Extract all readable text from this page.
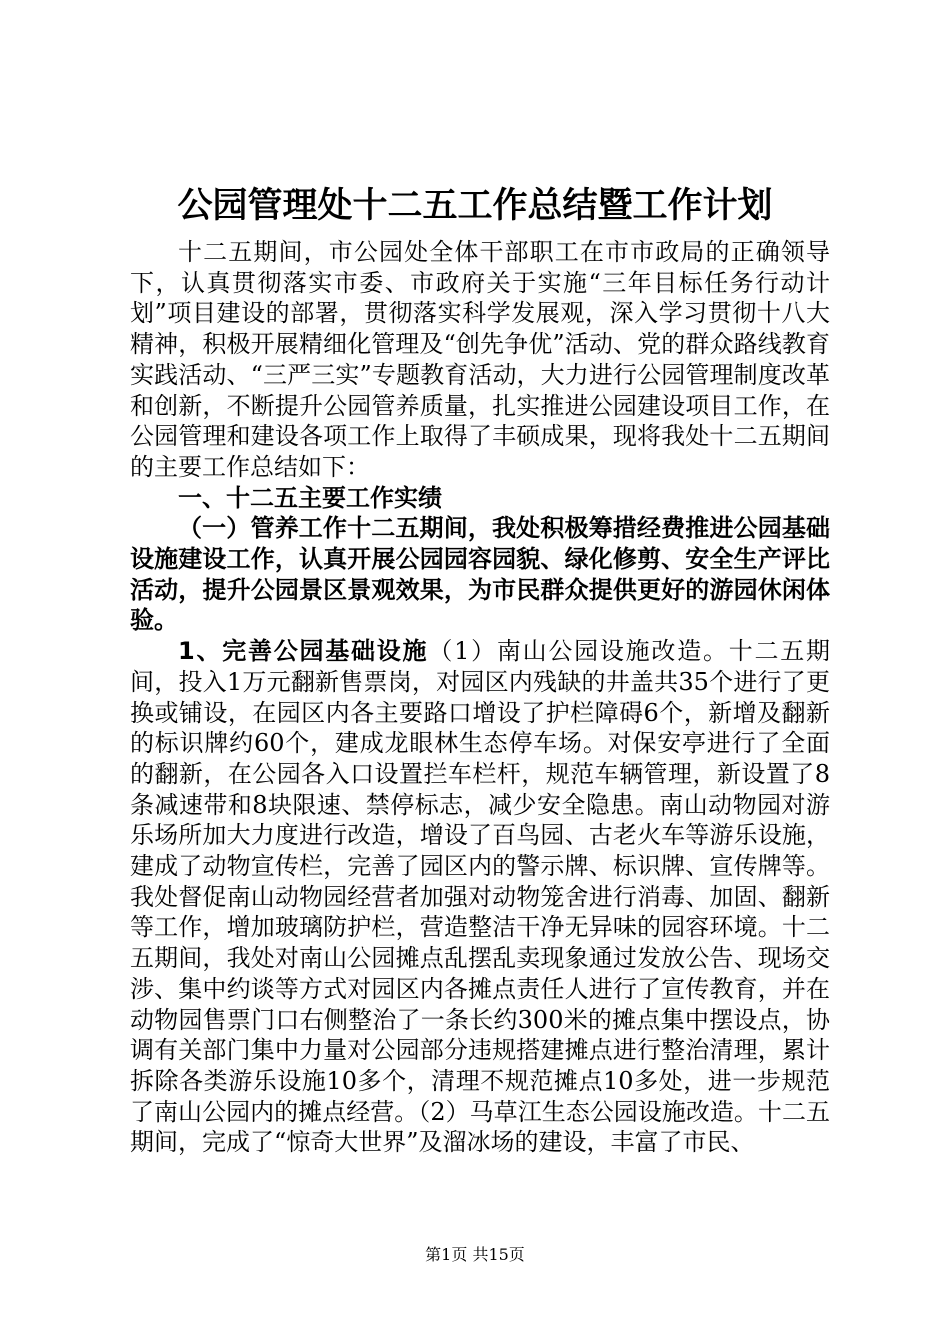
公园管理处十二五工作总结暨工作计划

十二五期间，市公园处全体干部职工在市市政局的正确领导下，认真贯彻落实市委、市政府关于实施“三年目标任务行动计划”项目建设的部署，贯彻落实科学发展观，深入学习贯彻十八大精神，积极开展精细化管理及“创先争优”活动、党的群众路线教育实践活动、“三严三实”专题教育活动，大力进行公园管理制度改革和创新，不断提升公园管养质量，扎实推进公园建设项目工作，在公园管理和建设各项工作上取得了丰硕成果，现将我处十二五期间的主要工作总结如下：

一、十二五主要工作实绩

（一）管养工作十二五期间，我处积极筹措经费推进公园基础设施建设工作，认真开展公园园容园貌、绿化修剪、安全生产评比活动，提升公园景区景观效果，为市民群众提供更好的游园休闲体验。

1、完善公园基础设施（1）南山公园设施改造。十二五期间，投入1万元翻新售票岗，对园区内残缺的井盖共35个进行了更换或铺设，在园区内各主要路口增设了护栏障碍6个，新增及翻新的标识牌约60个，建成龙眼林生态停车场。对保安亭进行了全面的翻新，在公园各入口设置拦车栏杆，规范车辆管理，新设置了8条减速带和8块限速、禁停标志，减少安全隐患。南山动物园对游乐场所加大力度进行改造，增设了百鸟园、古老火车等游乐设施，建成了动物宣传栏，完善了园区内的警示牌、标识牌、宣传牌等。我处督促南山动物园经营者加强对动物笼舍进行消毒、加固、翻新等工作，增加玻璃防护栏，营造整洁干净无异味的园容环境。十二五期间，我处对南山公园摊点乱摆乱卖现象通过发放公告、现场交涉、集中约谈等方式对园区内各摊点责任人进行了宣传教育，并在动物园售票门口右侧整治了一条长约300米的摊点集中摆设点，协调有关部门集中力量对公园部分违规搭建摊点进行整治清理，累计拆除各类游乐设施10多个，清理不规范摊点10多处，进一步规范了南山公园内的摊点经营。（2）马草江生态公园设施改造。十二五期间，完成了“惊奇大世界”及溜冰场的建设，丰富了市民、

第1页 共15页
